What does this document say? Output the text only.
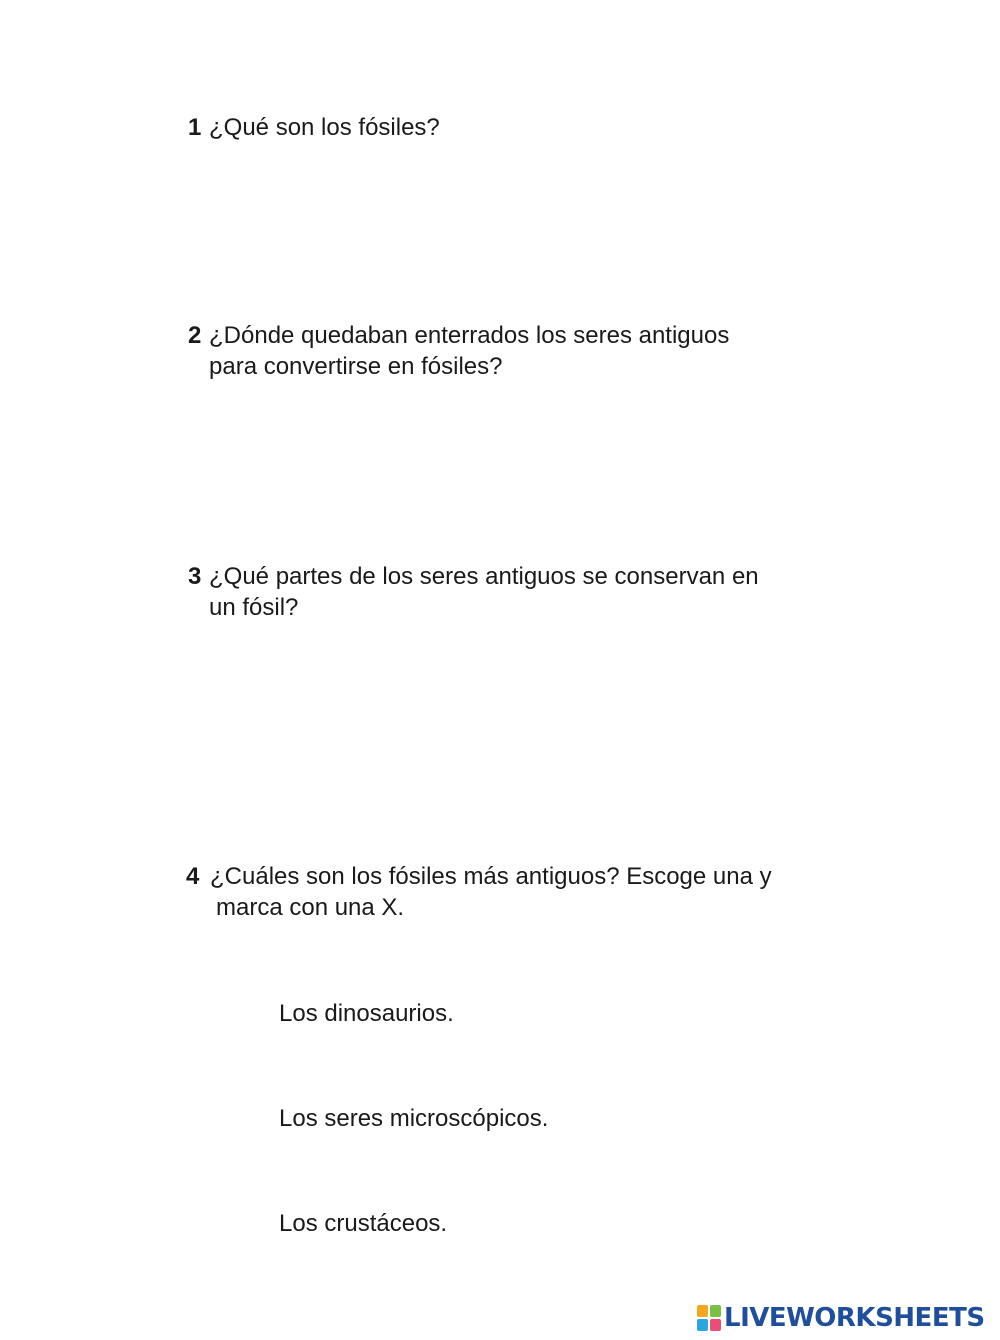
1 ¿Qué son los fósiles?
2 ¿Dónde quedaban enterrados los seres antiguos
para convertirse en fósiles?
3 ¿Qué partes de los seres antiguos se conservan en
un fósil?
4 ¿Cuáles son los fósiles más antiguos? Escoge una y
marca con una X.
Los dinosaurios.
Los seres microscópicos.
Los crustáceos.
LIVEWORKSHEETS
